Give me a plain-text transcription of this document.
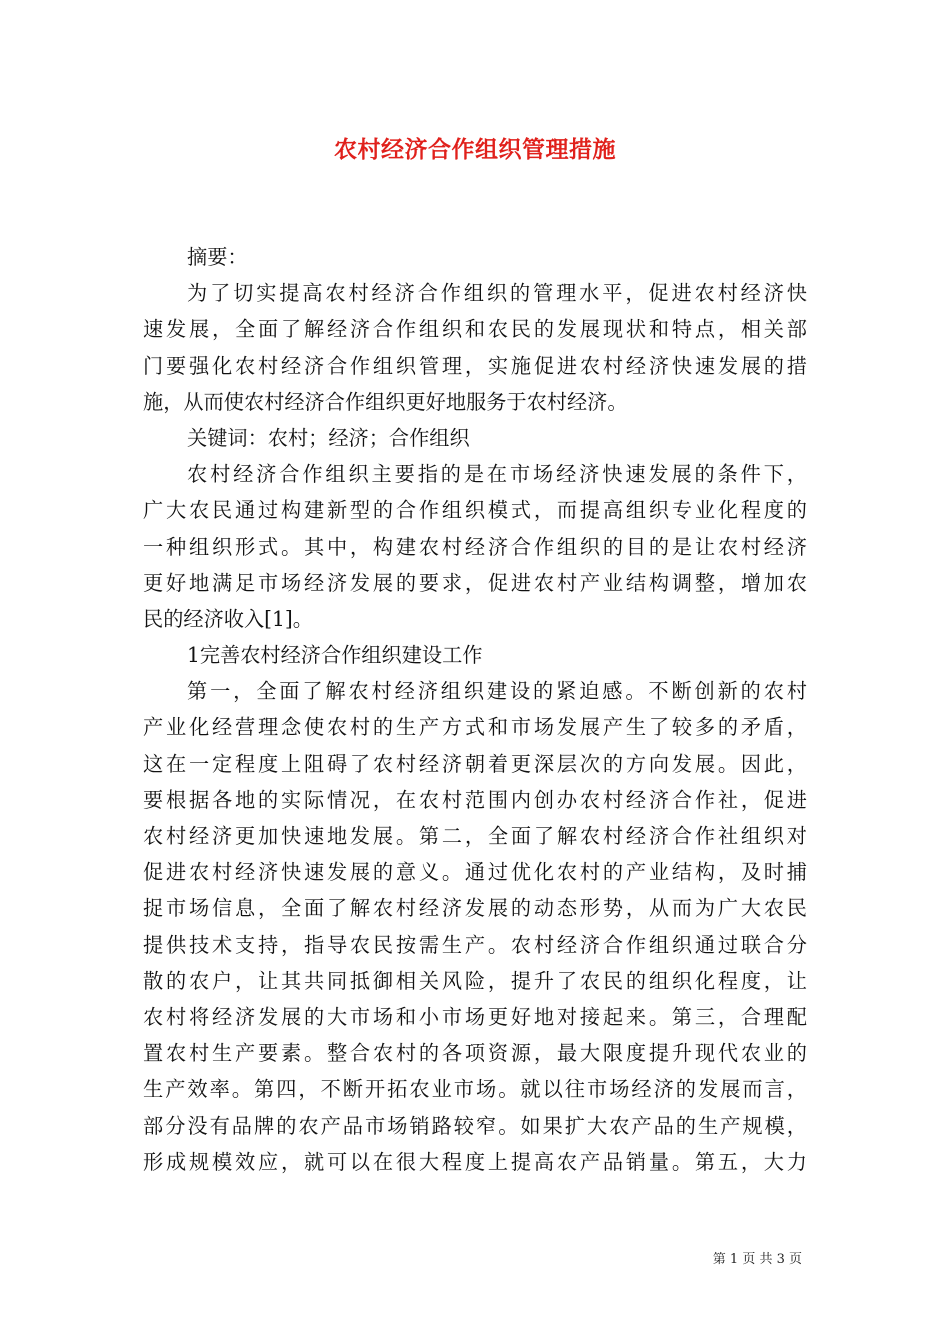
农村经济合作组织管理措施
摘要：
为了切实提高农村经济合作组织的管理水平，促进农村经济快
速发展，全面了解经济合作组织和农民的发展现状和特点，相关部
门要强化农村经济合作组织管理，实施促进农村经济快速发展的措
施，从而使农村经济合作组织更好地服务于农村经济。
关键词：农村；经济；合作组织
农村经济合作组织主要指的是在市场经济快速发展的条件下，
广大农民通过构建新型的合作组织模式，而提高组织专业化程度的
一种组织形式。其中，构建农村经济合作组织的目的是让农村经济
更好地满足市场经济发展的要求，促进农村产业结构调整，增加农
民的经济收入[1]。
1完善农村经济合作组织建设工作
第一，全面了解农村经济组织建设的紧迫感。不断创新的农村
产业化经营理念使农村的生产方式和市场发展产生了较多的矛盾，
这在一定程度上阻碍了农村经济朝着更深层次的方向发展。因此，
要根据各地的实际情况，在农村范围内创办农村经济合作社，促进
农村经济更加快速地发展。第二，全面了解农村经济合作社组织对
促进农村经济快速发展的意义。通过优化农村的产业结构，及时捕
捉市场信息，全面了解农村经济发展的动态形势，从而为广大农民
提供技术支持，指导农民按需生产。农村经济合作组织通过联合分
散的农户，让其共同抵御相关风险，提升了农民的组织化程度，让
农村将经济发展的大市场和小市场更好地对接起来。第三，合理配
置农村生产要素。整合农村的各项资源，最大限度提升现代农业的
生产效率。第四，不断开拓农业市场。就以往市场经济的发展而言，
部分没有品牌的农产品市场销路较窄。如果扩大农产品的生产规模，
形成规模效应，就可以在很大程度上提高农产品销量。第五，大力
第 1 页 共 3 页
